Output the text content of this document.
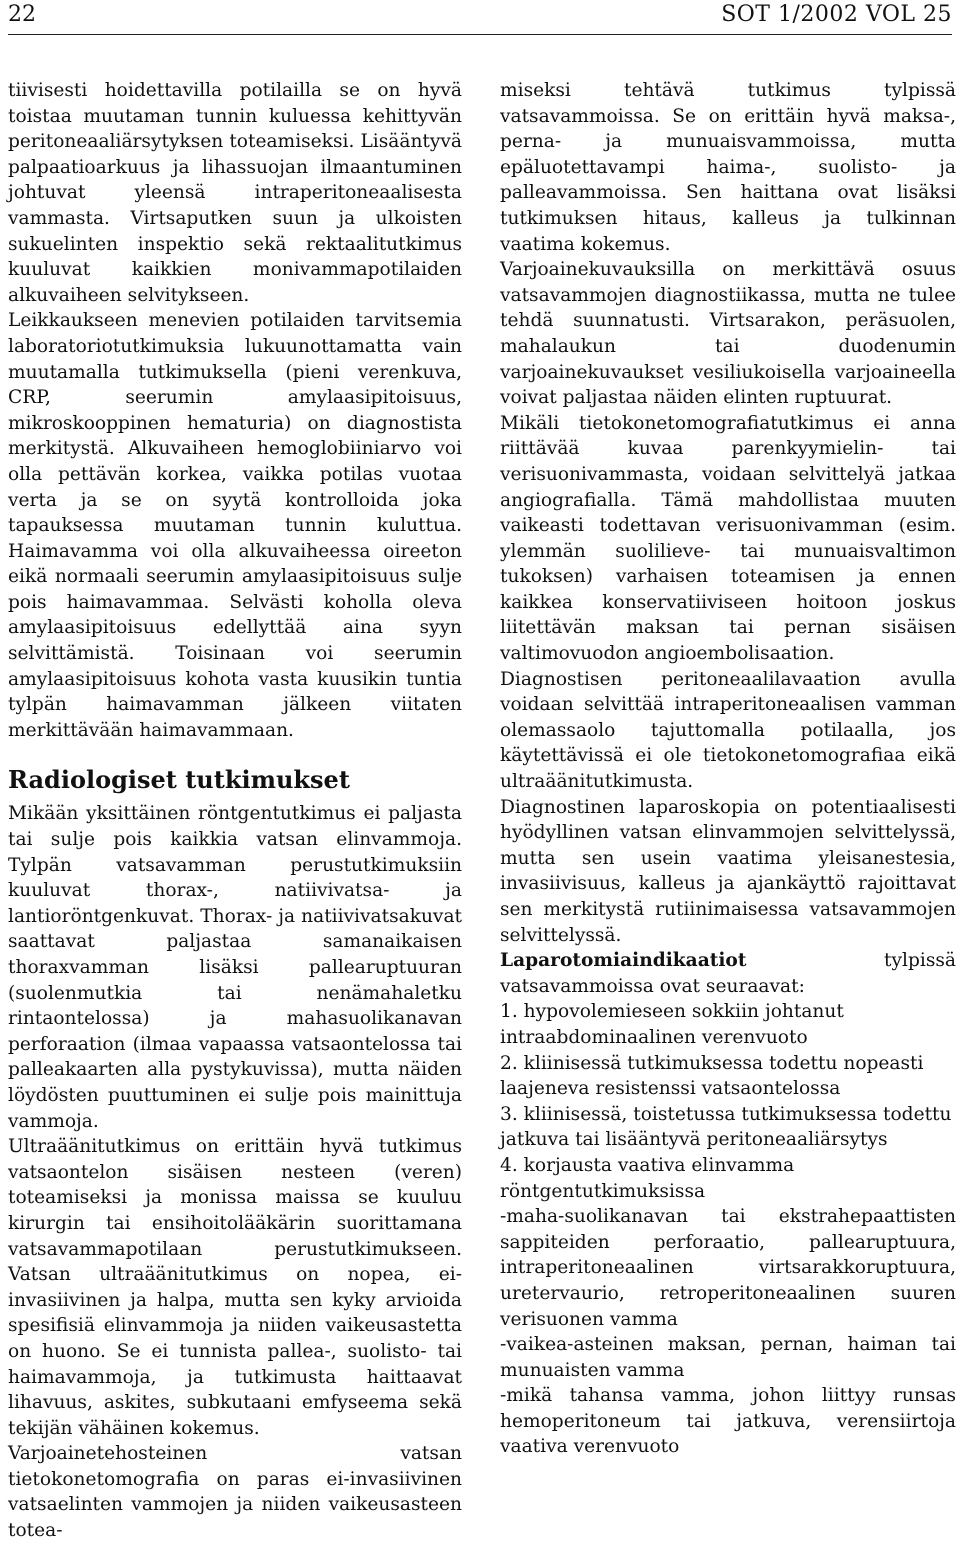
22	SOT 1/2002 VOL 25

tiivisesti hoidettavilla potilailla se on hyvä toistaa muutaman tunnin kuluessa kehittyvän peritoneaaliärsytyksen toteamiseksi. Lisääntyvä palpaatioarkuus ja lihassuojan ilmaantuminen johtuvat yleensä intraperitoneaalisesta vammasta. Virtsaputken suun ja ulkoisten sukuelinten inspektio sekä rektaalitutkimus kuuluvat kaikkien monivammapotilaiden alkuvaiheen selvitykseen.

Leikkaukseen menevien potilaiden tarvitsemia laboratoriotutkimuksia lukuunottamatta vain muutamalla tutkimuksella (pieni verenkuva, CRP, seerumin amylaasipitoisuus, mikroskooppinen hematuria) on diagnostista merkitystä. Alkuvaiheen hemoglobiiniarvo voi olla pettävän korkea, vaikka potilas vuotaa verta ja se on syytä kontrolloida joka tapauksessa muutaman tunnin kuluttua. Haimavamma voi olla alkuvaiheessa oireeton eikä normaali seerumin amylaasipitoisuus sulje pois haimavammaa. Selvästi koholla oleva amylaasipitoisuus edellyttää aina syyn selvittämistä. Toisinaan voi seerumin amylaasipitoisuus kohota vasta kuusikin tuntia tylpän haimavamman jälkeen viitaten merkittävään haimavammaan.

Radiologiset tutkimukset

Mikään yksittäinen röntgentutkimus ei paljasta tai sulje pois kaikkia vatsan elinvammoja. Tylpän vatsavamman perustutkimuksiin kuuluvat thorax-, natiivivatsa- ja lantioröntgenkuvat. Thorax- ja natiivivatsakuvat saattavat paljastaa samanaikaisen thoraxvamman lisäksi pallearuptuuran (suolenmutkia tai nenämahaletku rintaontelossa) ja mahasuolikanavan perforaation (ilmaa vapaassa vatsaontelossa tai palleakaarten alla pystykuvissa), mutta näiden löydösten puuttuminen ei sulje pois mainittuja vammoja.

Ultraäänitutkimus on erittäin hyvä tutkimus vatsaontelon sisäisen nesteen (veren) toteamiseksi ja monissa maissa se kuuluu kirurgin tai ensihoitolääkärin suorittamana vatsavammapotilaan perustutkimukseen. Vatsan ultraäänitutkimus on nopea, ei-invasiivinen ja halpa, mutta sen kyky arvioida spesifisiä elinvammoja ja niiden vaikeusastetta on huono. Se ei tunnista pallea-, suolisto- tai haimavammoja, ja tutkimusta haittaavat lihavuus, askites, subkutaani emfyseema sekä tekijän vähäinen kokemus.

Varjoainetehosteinen vatsan tietokonetomografia on paras ei-invasiivinen vatsaelinten vammojen ja niiden vaikeusasteen totea-

miseksi tehtävä tutkimus tylpissä vatsavammoissa. Se on erittäin hyvä maksa-, perna- ja munuaisvammoissa, mutta epäluotettavampi haima-, suolisto- ja palleavammoissa. Sen haittana ovat lisäksi tutkimuksen hitaus, kalleus ja tulkinnan vaatima kokemus.

Varjoainekuvauksilla on merkittävä osuus vatsavammojen diagnostiikassa, mutta ne tulee tehdä suunnatusti. Virtsarakon, peräsuolen, mahalaukun tai duodenumin varjoainekuvaukset vesiliukoisella varjoaineella voivat paljastaa näiden elinten ruptuurat.

Mikäli tietokonetomografiatutkimus ei anna riittävää kuvaa parenkyymielin- tai verisuonivammasta, voidaan selvittelyä jatkaa angiografialla. Tämä mahdollistaa muuten vaikeasti todettavan verisuonivamman (esim. ylemmän suolilieve- tai munuaisvaltimon tukoksen) varhaisen toteamisen ja ennen kaikkea konservatiiviseen hoitoon joskus liitettävän maksan tai pernan sisäisen valtimovuodon angioembolisaation.

Diagnostisen peritoneaalilavaation avulla voidaan selvittää intraperitoneaalisen vamman olemassaolo tajuttomalla potilaalla, jos käytettävissä ei ole tietokonetomografiaa eikä ultraäänitutkimusta.

Diagnostinen laparoskopia on potentiaalisesti hyödyllinen vatsan elinvammojen selvittelyssä, mutta sen usein vaatima yleisanestesia, invasiivisuus, kalleus ja ajankäyttö rajoittavat sen merkitystä rutiinimaisessa vatsavammojen selvittelyssä.

Laparotomiaindikaatiot tylpissä vatsavammoissa ovat seuraavat:

1. hypovolemieseen sokkiin johtanut intraabdominaalinen verenvuoto

2. kliinisessä tutkimuksessa todettu nopeasti laajeneva resistenssi vatsaontelossa

3. kliinisessä, toistetussa tutkimuksessa todettu jatkuva tai lisääntyvä peritoneaaliärsytys

4. korjausta vaativa elinvamma röntgentutkimuksissa

-maha-suolikanavan tai ekstrahepaattisten sappiteiden perforaatio, pallearuptuura, intraperitoneaalinen virtsarakkoruptuura, uretervaurio, retroperitoneaalinen suuren verisuonen vamma

-vaikea-asteinen maksan, pernan, haiman tai munuaisten vamma

-mikä tahansa vamma, johon liittyy runsas hemoperitoneum tai jatkuva, verensiirtoja vaativa verenvuoto
